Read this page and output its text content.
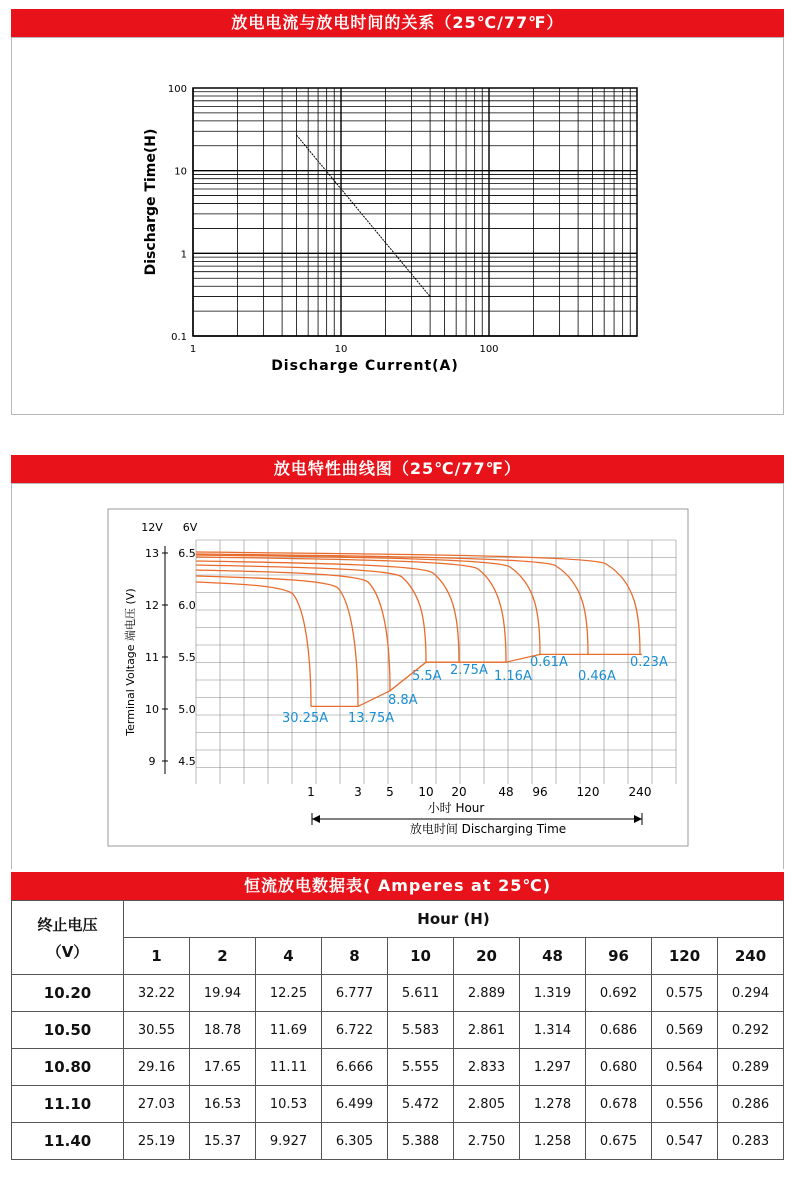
放电电流与放电时间的关系（25℃/77℉）
100
10
1
0.1
1	10	100
Discharge Current(A)
Discharge Time(H)
放电特性曲线图（25℃/77℉）
12V 6V
13
12
11
10
9
6.5
6.0
5.5
5.0
4.5
Terminal Voltage 端电压 (V)
1	3 5 10 20	48 96 120 240
小时 Hour
放电时间 Discharging Time
30.25A 13.75A
8.8A
5.5A 2.75A 1.16A
0.61A
0.46A
0.23A
恒流放电数据表( Amperes at 25℃)
终止电压
（V）	Hour (H)									
	1	2	4	8	10	20	48	96	120	240
10.20	32.22	19.94	12.25	6.777	5.611	2.889	1.319	0.692	0.575	0.294
10.50	30.55	18.78	11.69	6.722	5.583	2.861	1.314	0.686	0.569	0.292
10.80	29.16	17.65	11.11	6.666	5.555	2.833	1.297	0.680	0.564	0.289
11.10	27.03	16.53	10.53	6.499	5.472	2.805	1.278	0.678	0.556	0.286
11.40	25.19	15.37	9.927	6.305	5.388	2.750	1.258	0.675	0.547	0.283
